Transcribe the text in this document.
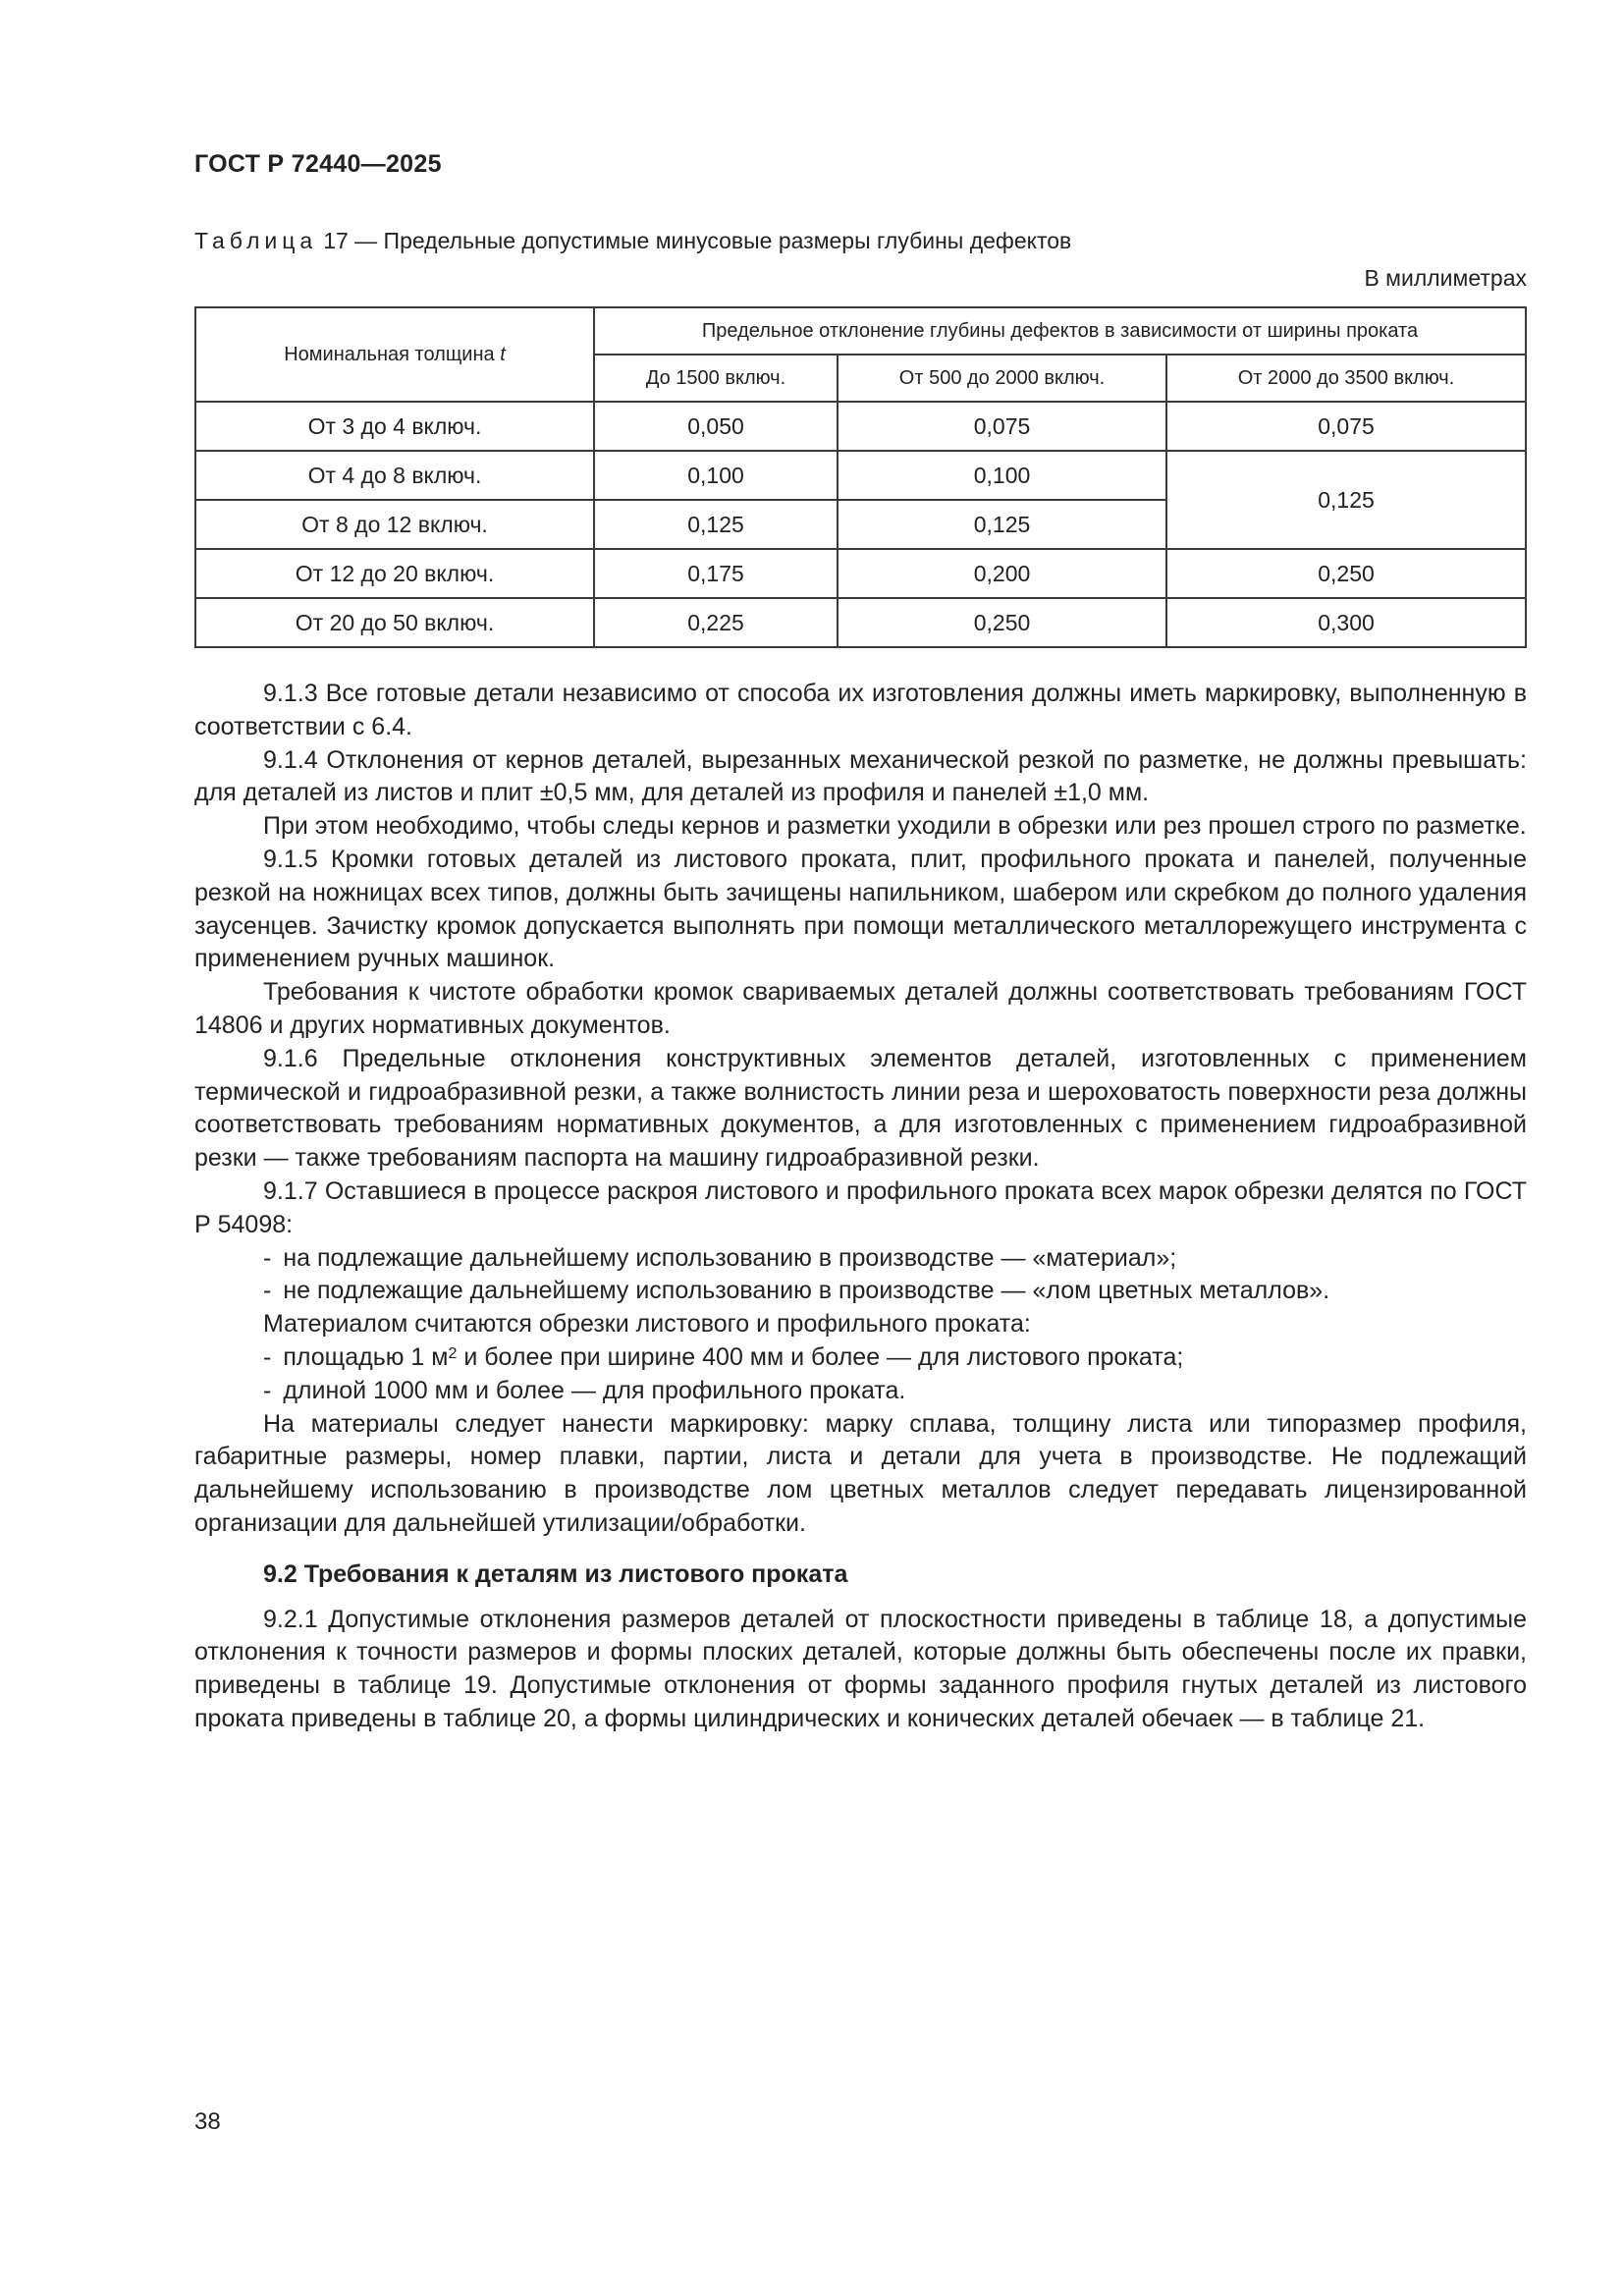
ГОСТ Р 72440—2025
Таблица 17 — Предельные допустимые минусовые размеры глубины дефектов
В миллиметрах
Номинальная толщина t	Предельное отклонение глубины дефектов в зависимости от ширины проката		
	До 1500 включ.	От 500 до 2000 включ.	От 2000 до 3500 включ.
От 3 до 4 включ.	0,050	0,075	0,075
От 4 до 8 включ.	0,100	0,100	0,125
От 8 до 12 включ.	0,125	0,125	
От 12 до 20 включ.	0,175	0,200	0,250
От 20 до 50 включ.	0,225	0,250	0,300

9.1.3 Все готовые детали независимо от способа их изготовления должны иметь маркировку, выполненную в соответствии с 6.4.

9.1.4 Отклонения от кернов деталей, вырезанных механической резкой по разметке, не должны превышать: для деталей из листов и плит ±0,5 мм, для деталей из профиля и панелей ±1,0 мм.

При этом необходимо, чтобы следы кернов и разметки уходили в обрезки или рез прошел строго по разметке.

9.1.5 Кромки готовых деталей из листового проката, плит, профильного проката и панелей, полученные резкой на ножницах всех типов, должны быть зачищены напильником, шабером или скребком до полного удаления заусенцев. Зачистку кромок допускается выполнять при помощи металлического металлорежущего инструмента с применением ручных машинок.

Требования к чистоте обработки кромок свариваемых деталей должны соответствовать требованиям ГОСТ 14806 и других нормативных документов.

9.1.6 Предельные отклонения конструктивных элементов деталей, изготовленных с применением термической и гидроабразивной резки, а также волнистость линии реза и шероховатость поверхности реза должны соответствовать требованиям нормативных документов, а для изготовленных с применением гидроабразивной резки — также требованиям паспорта на машину гидроабразивной резки.

9.1.7 Оставшиеся в процессе раскроя листового и профильного проката всех марок обрезки делятся по ГОСТ Р 54098:

- на подлежащие дальнейшему использованию в производстве — «материал»;

- не подлежащие дальнейшему использованию в производстве — «лом цветных металлов».

Материалом считаются обрезки листового и профильного проката:

- площадью 1 $м^2$ и более при ширине 400 мм и более — для листового проката;

- длиной 1000 мм и более — для профильного проката.

На материалы следует нанести маркировку: марку сплава, толщину листа или типоразмер профиля, габаритные размеры, номер плавки, партии, листа и детали для учета в производстве. Не подлежащий дальнейшему использованию в производстве лом цветных металлов следует передавать лицензированной организации для дальнейшей утилизации/обработки.

9.2 Требования к деталям из листового проката

9.2.1 Допустимые отклонения размеров деталей от плоскостности приведены в таблице 18, а допустимые отклонения к точности размеров и формы плоских деталей, которые должны быть обеспечены после их правки, приведены в таблице 19. Допустимые отклонения от формы заданного профиля гнутых деталей из листового проката приведены в таблице 20, а формы цилиндрических и конических деталей обечаек — в таблице 21.

38
